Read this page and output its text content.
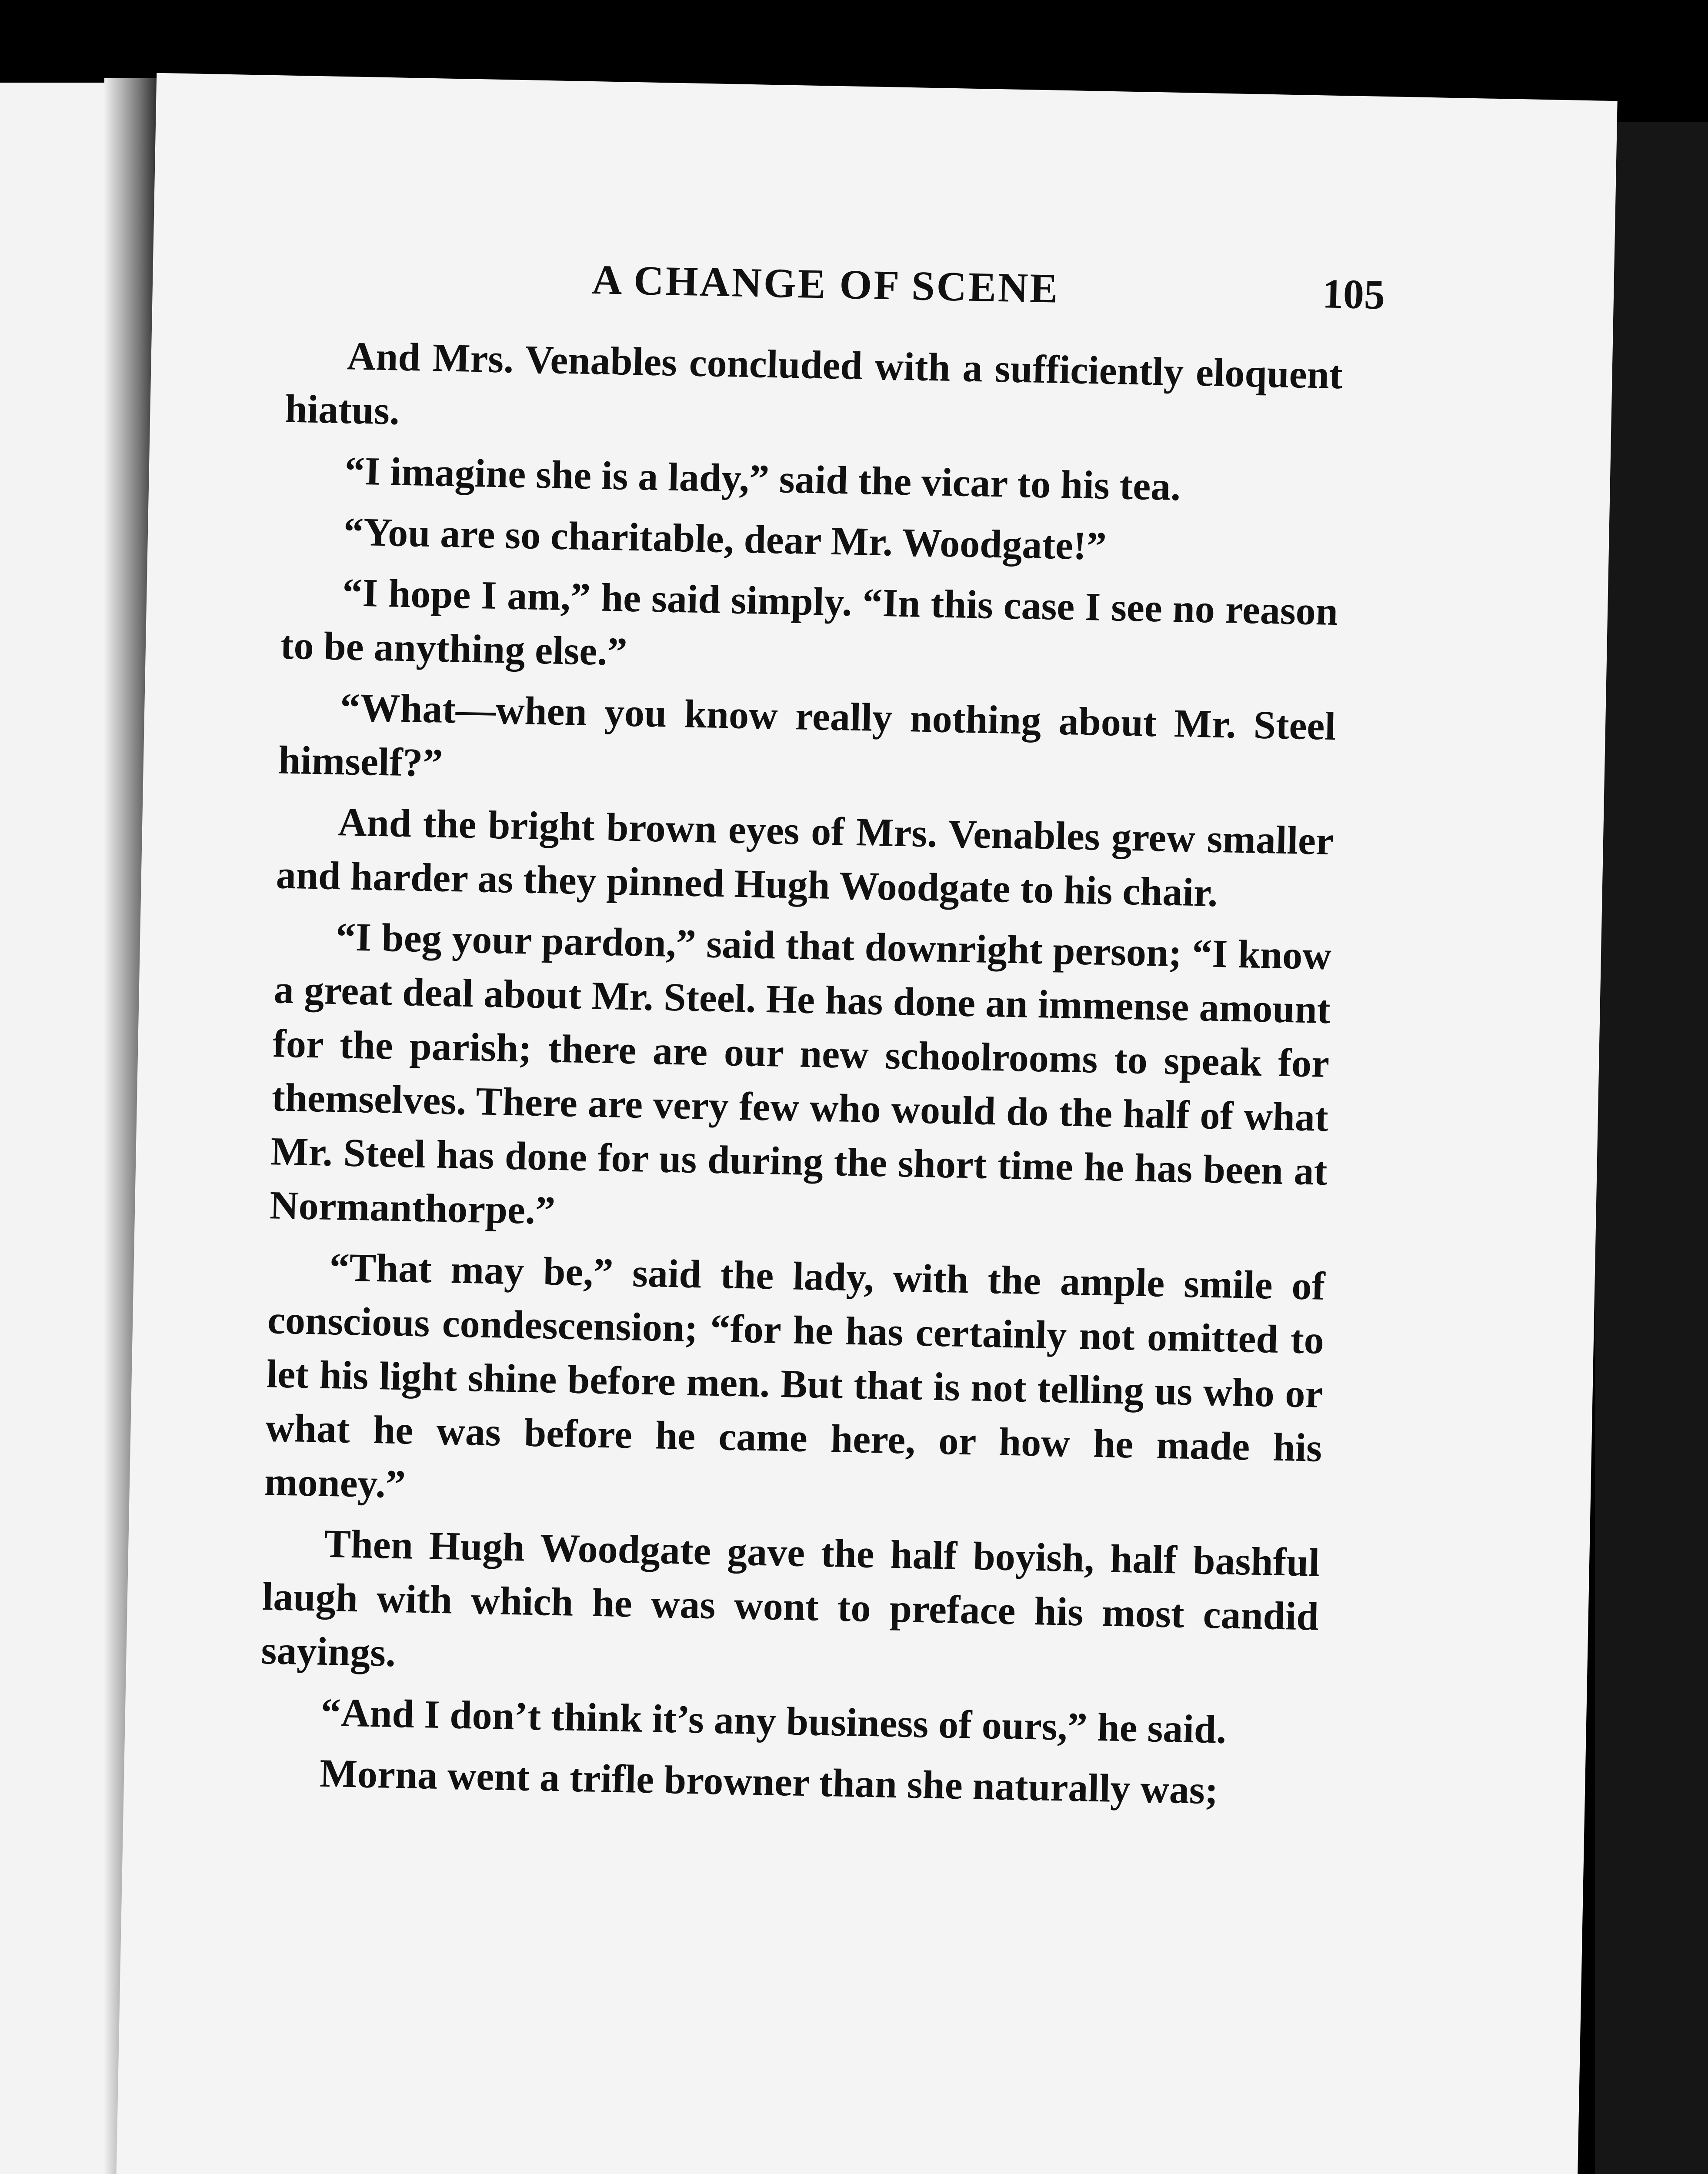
A CHANGE OF SCENE	105

And Mrs. Venables concluded with a sufficiently eloquent hiatus.

“I imagine she is a lady,” said the vicar to his tea.

“You are so charitable, dear Mr. Woodgate!”

“I hope I am,” he said simply. “In this case I see no reason to be anything else.”

“What—when you know really nothing about Mr. Steel himself?”

And the bright brown eyes of Mrs. Venables grew smaller and harder as they pinned Hugh Woodgate to his chair.

“I beg your pardon,” said that downright person; “I know a great deal about Mr. Steel. He has done an immense amount for the parish; there are our new schoolrooms to speak for themselves. There are very few who would do the half of what Mr. Steel has done for us during the short time he has been at Normanthorpe.”

“That may be,” said the lady, with the ample smile of conscious condescension; “for he has certainly not omitted to let his light shine before men. But that is not telling us who or what he was before he came here, or how he made his money.”

Then Hugh Woodgate gave the half boyish, half bashful laugh with which he was wont to preface his most candid sayings.

“And I don’t think it’s any business of ours,” he said.

Morna went a trifle browner than she naturally was;
